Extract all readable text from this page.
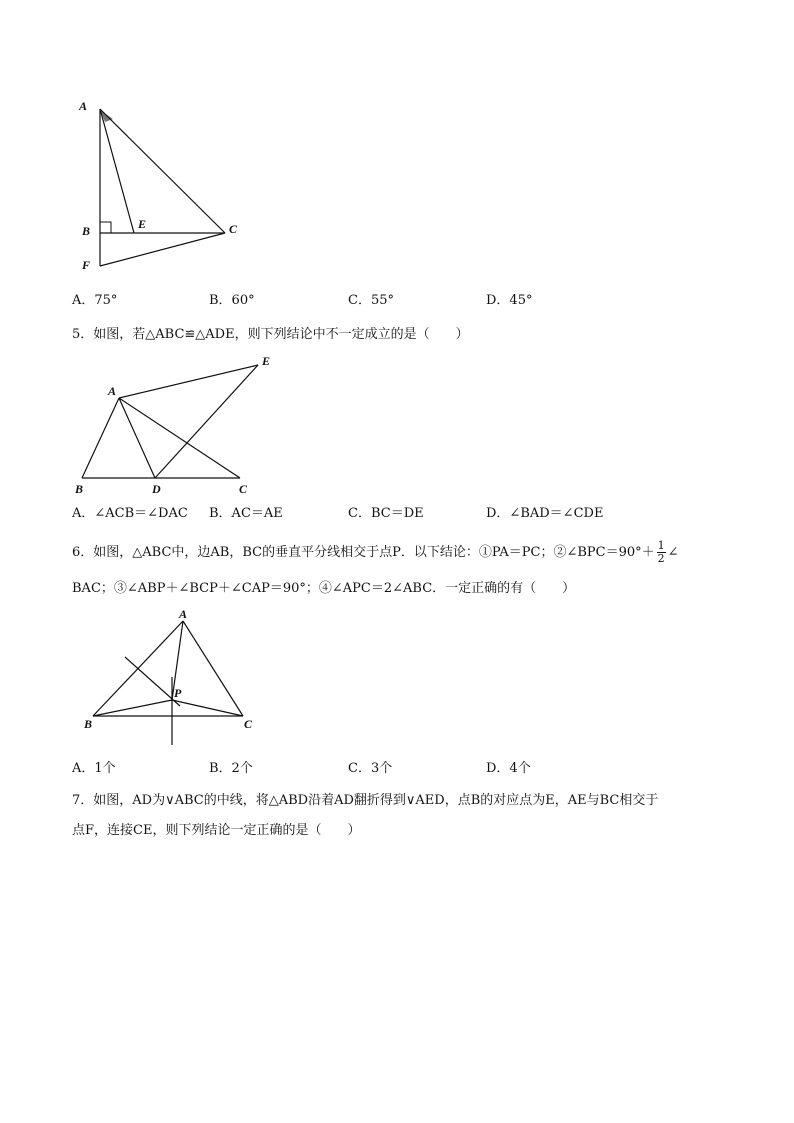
A
B	E	C
F
A．75°	B．60°	C．55°	D．45°
5．如图，若△ABC≌△ADE，则下列结论中不一定成立的是（　　）
A
E
B	D	C
A．∠ACB＝∠DAC B．AC＝AE	C．BC＝DE	D．∠BAD＝∠CDE
6．如图，△ABC中，边AB，BC的垂直平分线相交于点P．以下结论：①PA＝PC；②∠BPC＝90°＋ $\frac{1}{2}$ ∠
BAC；③∠ABP＋∠BCP＋∠CAP＝90°；④∠APC＝2∠ABC．一定正确的有（　　）
A
P
B	C
A．1个	B．2个	C．3个	D．4个
7．如图，AD为∨ABC的中线，将△ABD沿着AD翻折得到∨AED，点B的对应点为E，AE与BC相交于
点F，连接CE，则下列结论一定正确的是（　　）
